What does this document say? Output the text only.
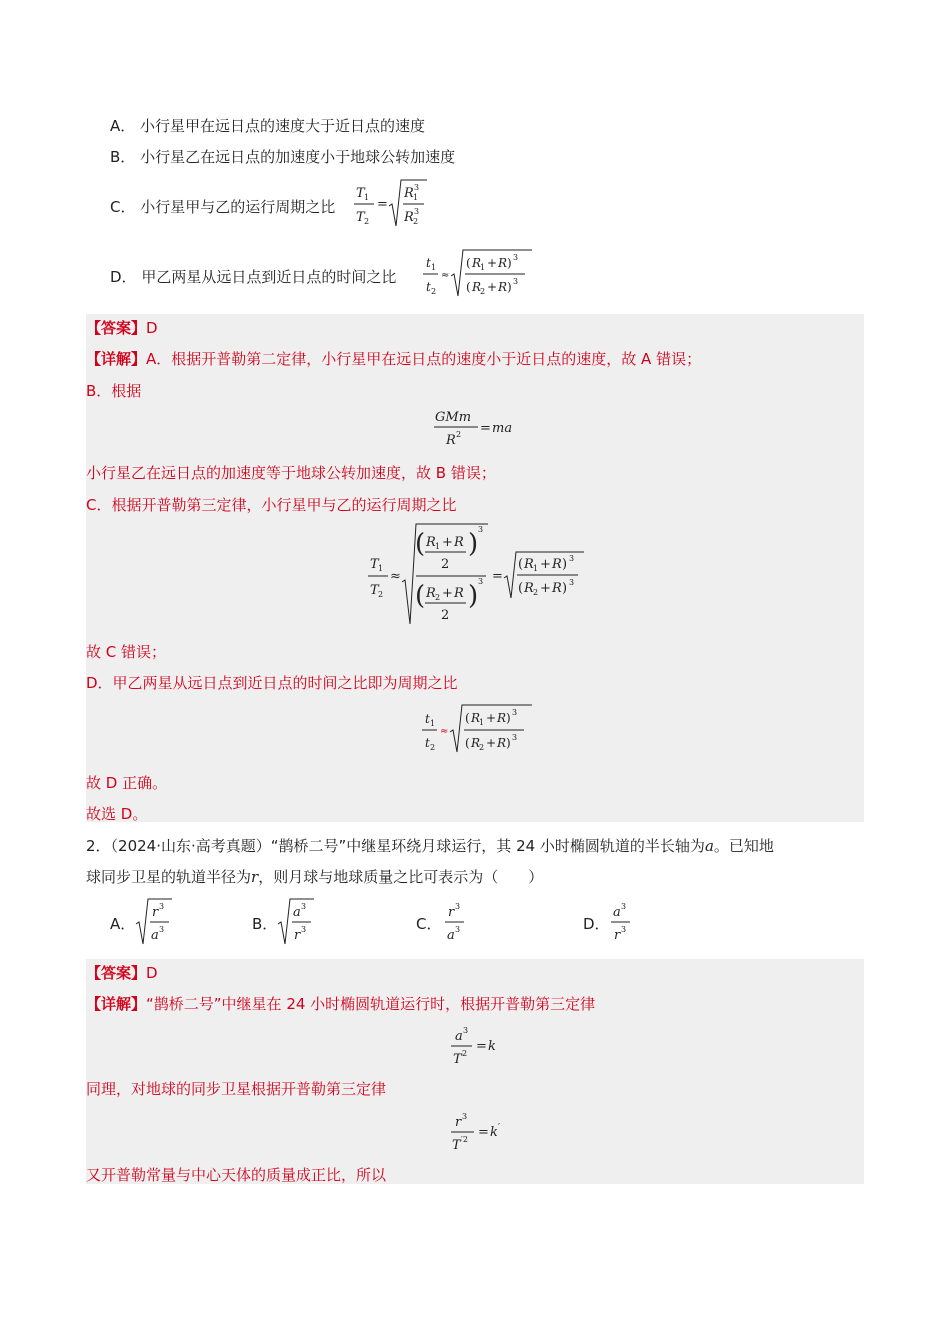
A． 小行星甲在远日点的速度大于近日点的速度
B． 小行星乙在远日点的加速度小于地球公转加速度
C． 小行星甲与乙的运行周期之比
T 1
T 2
=
R 1
3
R 2
3
D． 甲乙两星从远日点到近日点的时间之比
t 1
t 2
≈
( R
1 + R ) 3
( R
2 + R ) 3
【答案】D
【详解】A．根据开普勒第二定律，小行星甲在远日点的速度小于近日点的速度，故 A 错误；
B．根据
GMm
R 2 = ma
小行星乙在远日点的加速度等于地球公转加速度，故 B 错误；
C．根据开普勒第三定律，小行星甲与乙的运行周期之比
T 1
T 2
≈
( R 1 + R
2
) 3
( R 2 + R
2
) 3 =
( R 1 + R ) 3
( R 2 + R ) 3
故 C 错误；
D．甲乙两星从远日点到近日点的时间之比即为周期之比
t 1
t 2
≈
( R
1 + R ) 3
( R
2 + R ) 3
故 D 正确。
故选 D。
2．（2024·山东·高考真题）“鹊桥二号”中继星环绕月球运行，其 24 小时椭圆轨道的半长轴为a。已知地
球同步卫星的轨道半径为r，则月球与地球质量之比可表示为（　　）
A．
r 3
a 3	B．
a 3
r 3	C．
r 3
a 3	D．
a 3
r 3
【答案】D
【详解】“鹊桥二号”中继星在 24 小时椭圆轨道运行时，根据开普勒第三定律
a 3
T 2 = k
同理，对地球的同步卫星根据开普勒第三定律
r 3
T ′2 = k ′
又开普勒常量与中心天体的质量成正比，所以
